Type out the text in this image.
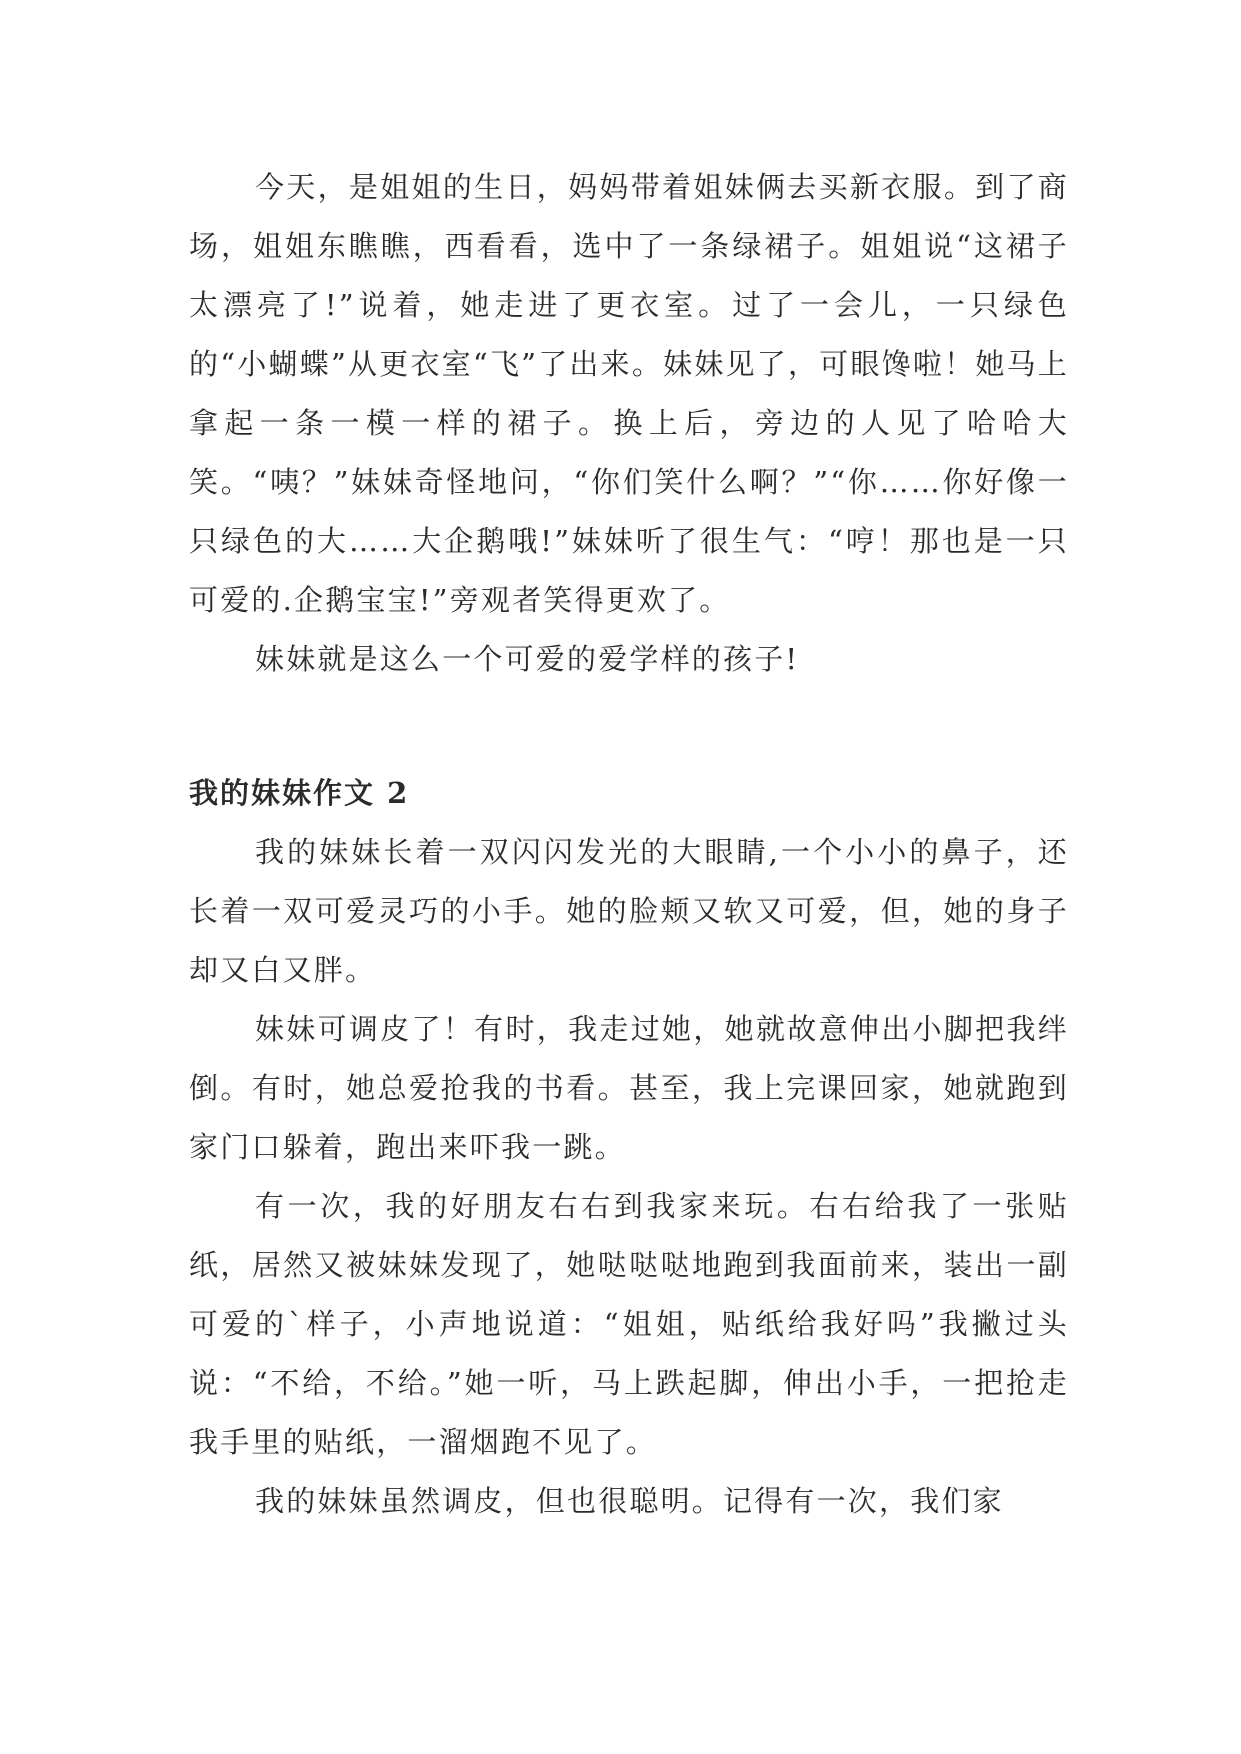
今天，是姐姐的生日，妈妈带着姐妹俩去买新衣服。到了商场，姐姐东瞧瞧，西看看，选中了一条绿裙子。姐姐说“这裙子太漂亮了!”说着，她走进了更衣室。过了一会儿，一只绿色的“小蝴蝶”从更衣室“飞”了出来。妹妹见了，可眼馋啦！她马上拿起一条一模一样的裙子。换上后，旁边的人见了哈哈大笑。“咦？”妹妹奇怪地问，“你们笑什么啊？”“你……你好像一只绿色的大……大企鹅哦!”妹妹听了很生气：“哼！那也是一只可爱的.企鹅宝宝!”旁观者笑得更欢了。

妹妹就是这么一个可爱的爱学样的孩子!

我的妹妹作文 2

我的妹妹长着一双闪闪发光的大眼睛,一个小小的鼻子，还长着一双可爱灵巧的小手。她的脸颊又软又可爱，但，她的身子却又白又胖。

妹妹可调皮了！有时，我走过她，她就故意伸出小脚把我绊倒。有时，她总爱抢我的书看。甚至，我上完课回家，她就跑到家门口躲着，跑出来吓我一跳。

有一次，我的好朋友右右到我家来玩。右右给我了一张贴纸，居然又被妹妹发现了，她哒哒哒地跑到我面前来，装出一副可爱的`样子，小声地说道：“姐姐，贴纸给我好吗”我撇过头说：“不给，不给。”她一听，马上跌起脚，伸出小手，一把抢走我手里的贴纸，一溜烟跑不见了。

我的妹妹虽然调皮，但也很聪明。记得有一次，我们家
